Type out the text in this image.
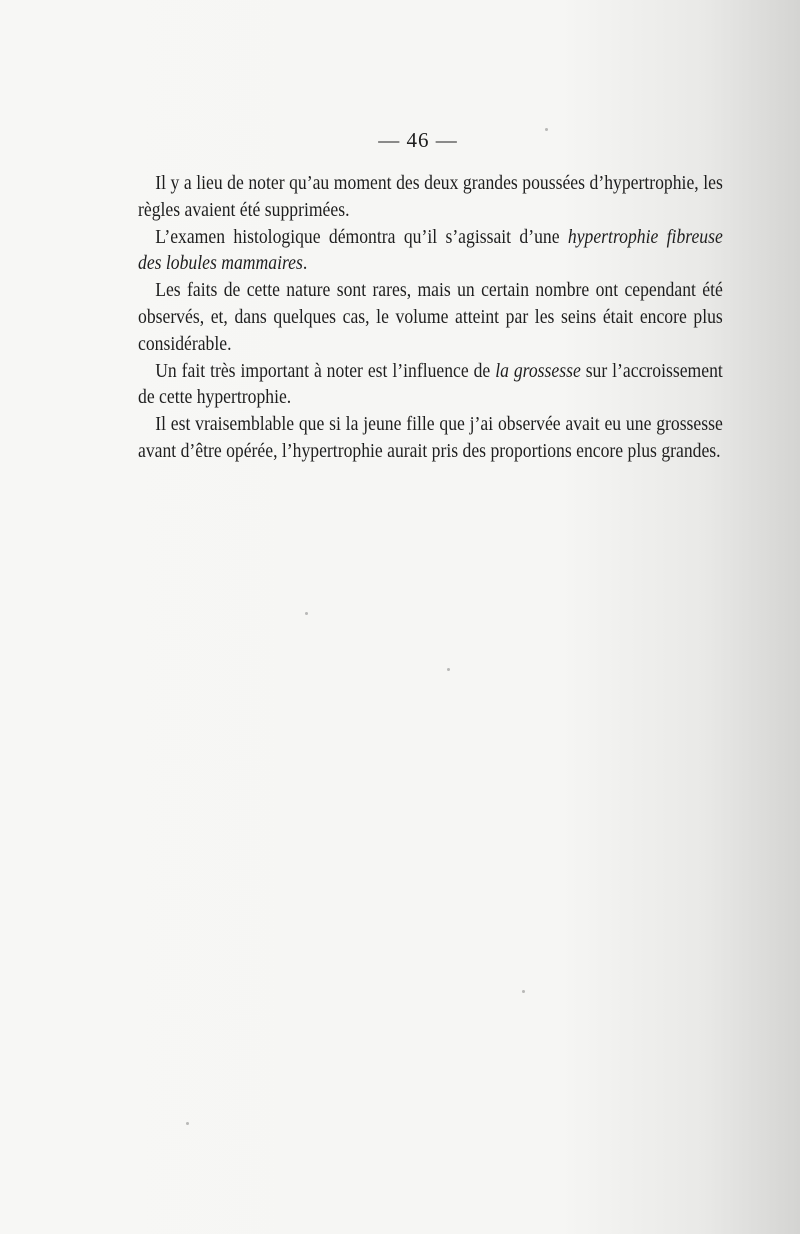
— 46 —

Il y a lieu de noter qu’au moment des deux grandes poussées d’hypertrophie, les règles avaient été supprimées.

L’examen histologique démontra qu’il s’agissait d’une hypertrophie fibreuse des lobules mammaires.

Les faits de cette nature sont rares, mais un certain nombre ont cependant été observés, et, dans quelques cas, le volume atteint par les seins était encore plus considérable.

Un fait très important à noter est l’influence de la grossesse sur l’accroissement de cette hypertrophie.

Il est vraisemblable que si la jeune fille que j’ai observée avait eu une grossesse avant d’être opérée, l’hypertrophie aurait pris des proportions encore plus grandes.
